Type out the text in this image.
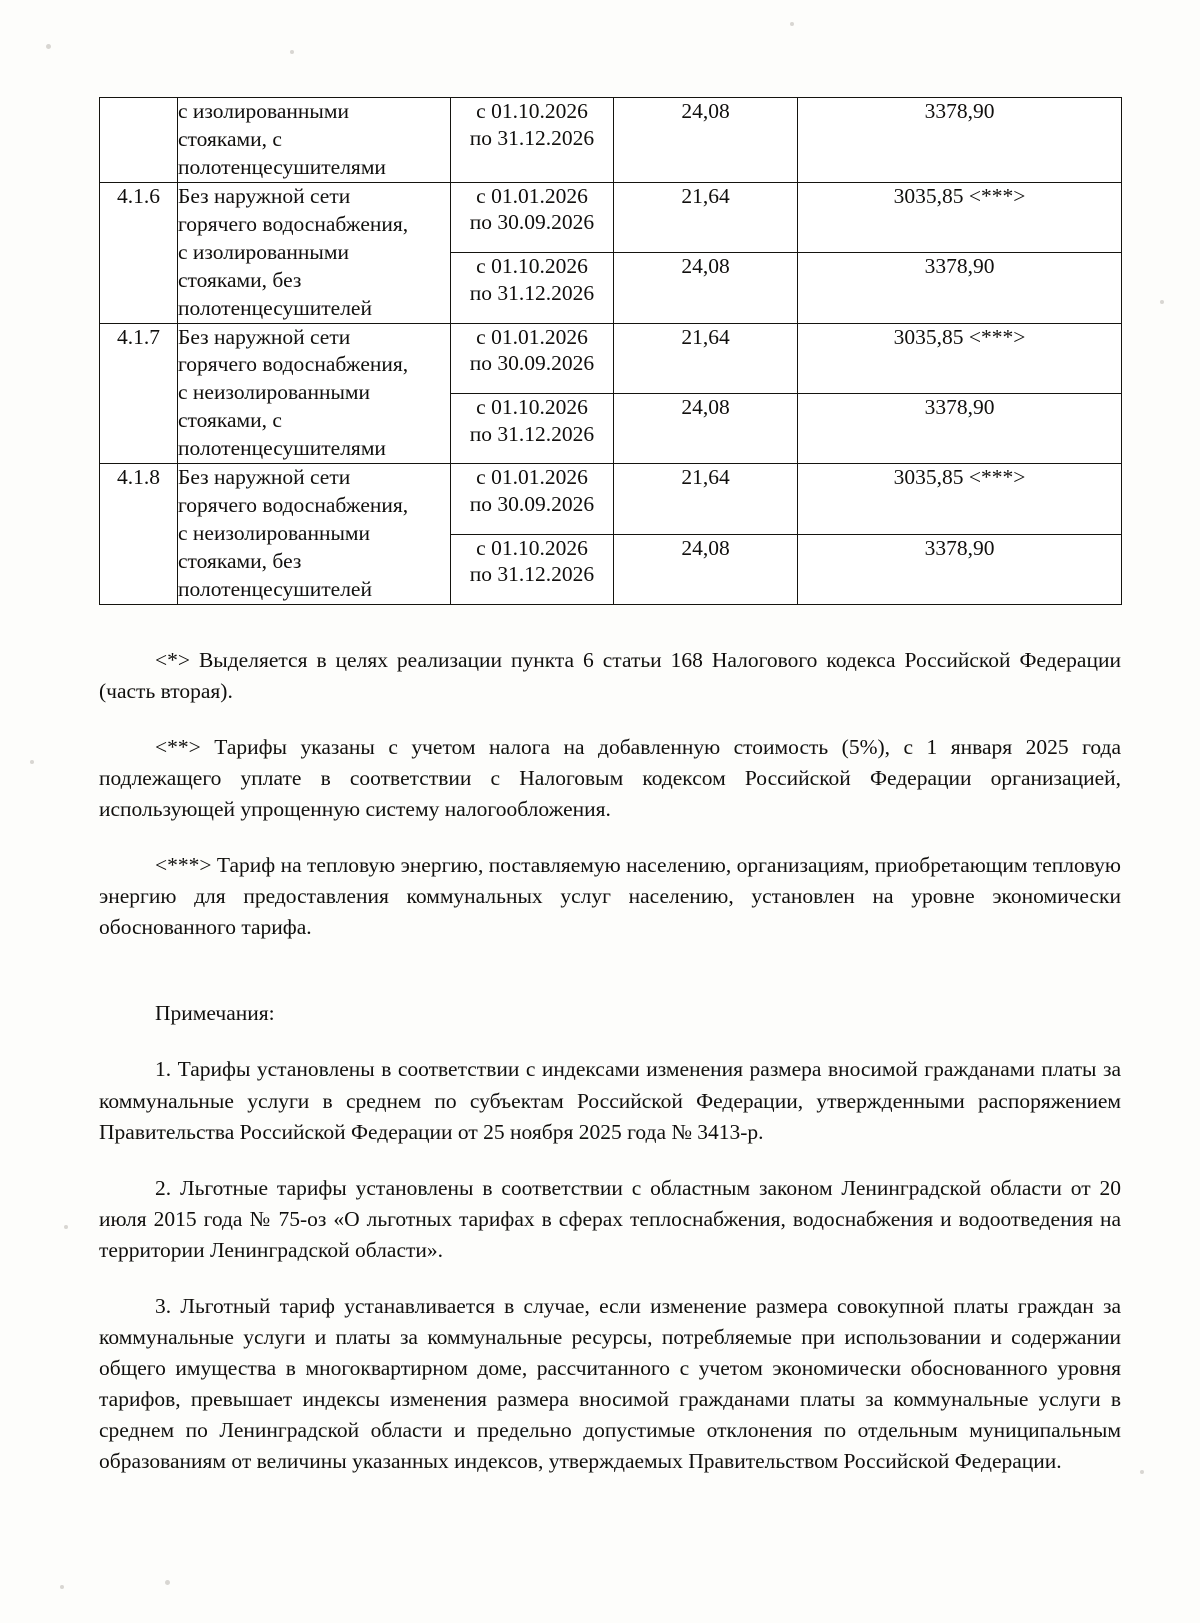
	с изолированными
стояками, с
полотенцесушителями	с 01.10.2026
по 31.12.2026	24,08	3378,90
4.1.6	Без наружной сети
горячего водоснабжения,
с изолированными
стояками, без
полотенцесушителей	с 01.01.2026
по 30.09.2026	21,64	3035,85 <***>

		с 01.10.2026
по 31.12.2026	24,08	3378,90
4.1.7	Без наружной сети
горячего водоснабжения,
с неизолированными
стояками, с
полотенцесушителями	с 01.01.2026
по 30.09.2026	21,64	3035,85 <***>

		с 01.10.2026
по 31.12.2026	24,08	3378,90
4.1.8	Без наружной сети
горячего водоснабжения,
с неизолированными
стояками, без
полотенцесушителей	с 01.01.2026
по 30.09.2026	21,64	3035,85 <***>

		с 01.10.2026
по 31.12.2026	24,08	3378,90

<*> Выделяется в целях реализации пункта 6 статьи 168 Налогового кодекса Российской Федерации (часть вторая).

<**> Тарифы указаны с учетом налога на добавленную стоимость (5%), с 1 января 2025 года подлежащего уплате в соответствии с Налоговым кодексом Российской Федерации организацией, использующей упрощенную систему налогообложения.

<***> Тариф на тепловую энергию, поставляемую населению, организациям, приобретающим тепловую энергию для предоставления коммунальных услуг населению, установлен на уровне экономически обоснованного тарифа.

Примечания:

1. Тарифы установлены в соответствии с индексами изменения размера вносимой гражданами платы за коммунальные услуги в среднем по субъектам Российской Федерации, утвержденными распоряжением Правительства Российской Федерации от 25 ноября 2025 года № 3413-р.

2. Льготные тарифы установлены в соответствии с областным законом Ленинградской области от 20 июля 2015 года № 75-оз «О льготных тарифах в сферах теплоснабжения, водоснабжения и водоотведения на территории Ленинградской области».

3. Льготный тариф устанавливается в случае, если изменение размера совокупной платы граждан за коммунальные услуги и платы за коммунальные ресурсы, потребляемые при использовании и содержании общего имущества в многоквартирном доме, рассчитанного с учетом экономически обоснованного уровня тарифов, превышает индексы изменения размера вносимой гражданами платы за коммунальные услуги в среднем по Ленинградской области и предельно допустимые отклонения по отдельным муниципальным образованиям от величины указанных индексов, утверждаемых Правительством Российской Федерации.
